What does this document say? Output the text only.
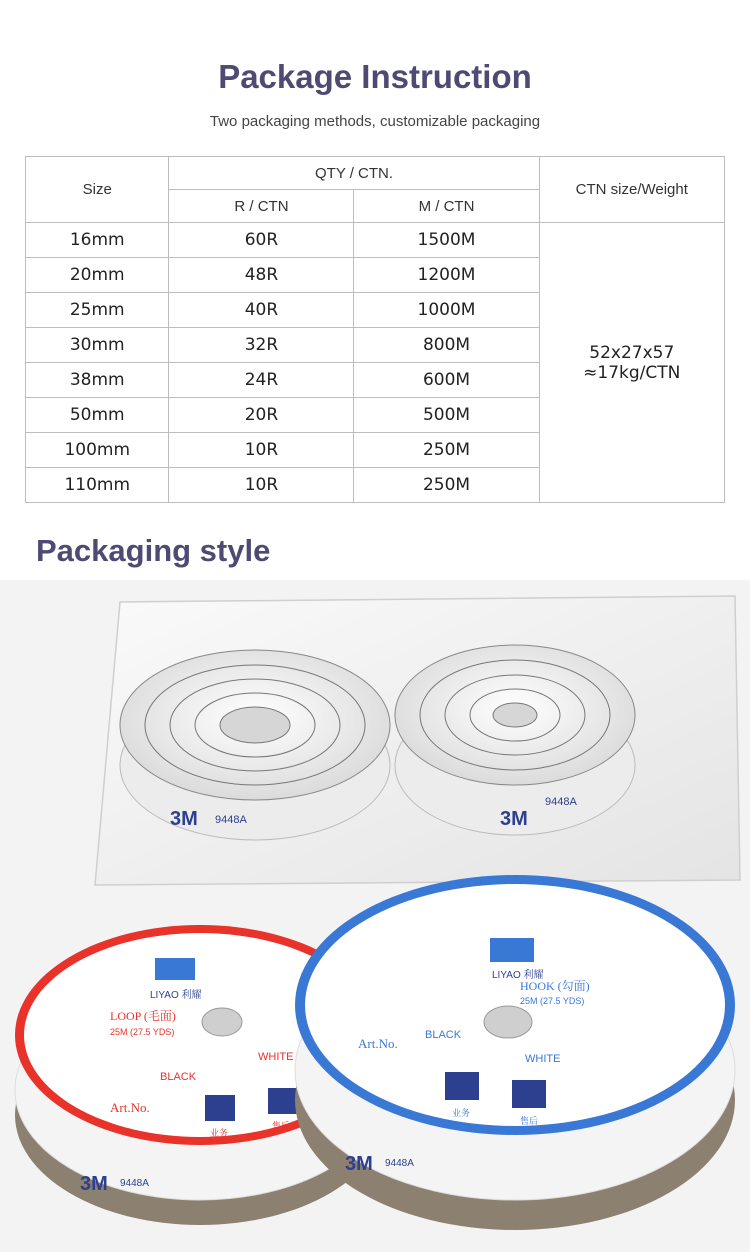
Package Instruction
Two packaging methods, customizable packaging
Size	QTY / CTN.		CTN size/Weight
	R / CTN	M / CTN	
16mm	60R	1500M	52x27x57
≈17kg/CTN

20mm	48R	1200M	
25mm	40R	1000M	
30mm	32R	800M	
38mm	24R	600M	
50mm	20R	500M	
100mm	10R	250M	
110mm	10R	250M	
Packaging style
3M 9448A	3M
9448A
LIYAO 利耀
LOOP (毛面)
25M (27.5 YDS)
BLACK
WHITE
Art.No.
业务
售后
3M 9448A
LIYAO 利耀
HOOK (勾面)
25M (27.5 YDS)
BLACK
WHITE
Art.No.
业务
售后
3M 9448A
